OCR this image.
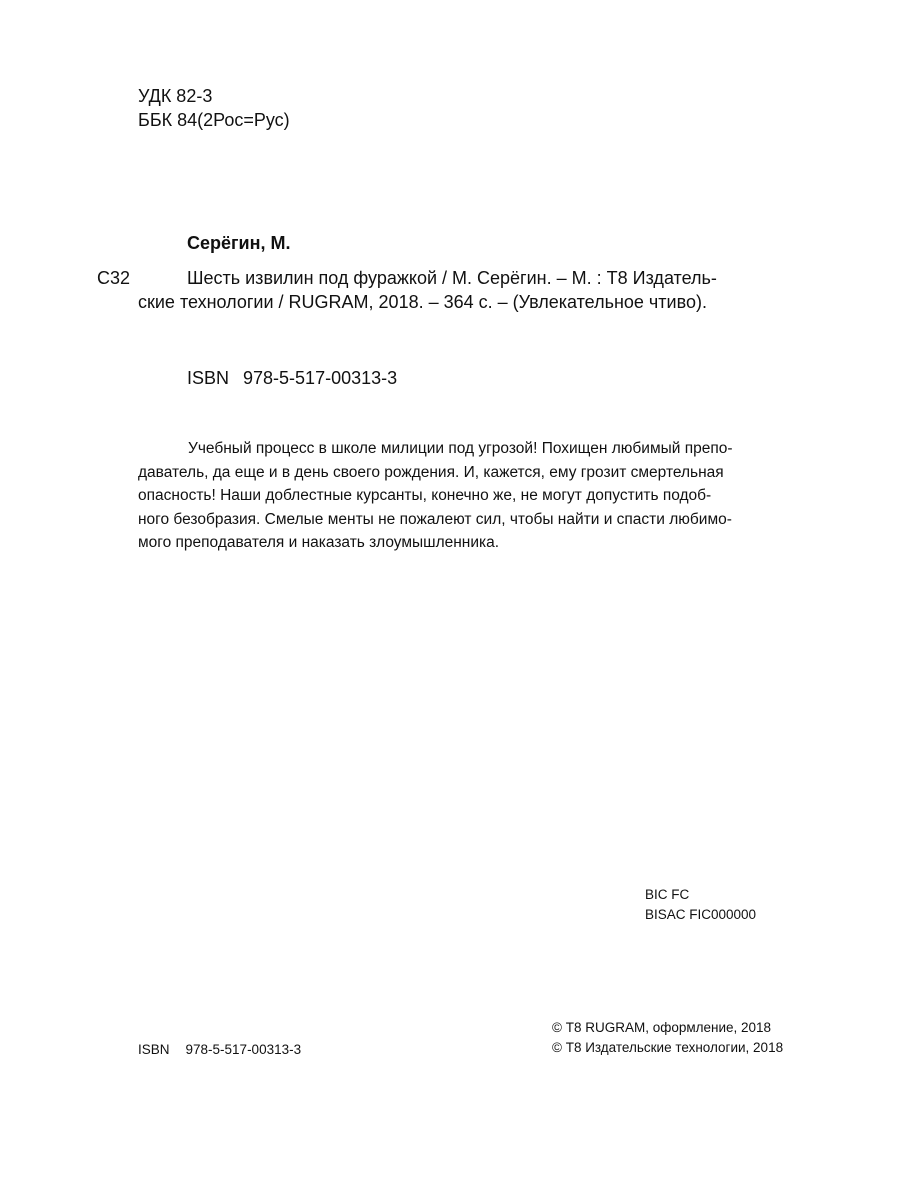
УДК 82-3
ББК 84(2Рос=Рус)
Серёгин, М.
С32	Шесть извилин под фуражкой / М. Серёгин. – М. : Т8 Издатель-
ские технологии / RUGRAM, 2018. – 364 с. – (Увлекательное чтиво).
ISBN 978-5-517-00313-3
Учебный процесс в школе милиции под угрозой! Похищен любимый препо-
даватель, да еще и в день своего рождения. И, кажется, ему грозит смертельная
опасность! Наши доблестные курсанты, конечно же, не могут допустить подоб-
ного безобразия. Смелые менты не пожалеют сил, чтобы найти и спасти любимо-
мого преподавателя и наказать злоумышленника.
BIC FC
BISAC FIC000000
ISBN 978-5-517-00313-3
© Т8 RUGRAM, оформление, 2018
© Т8 Издательские технологии, 2018
